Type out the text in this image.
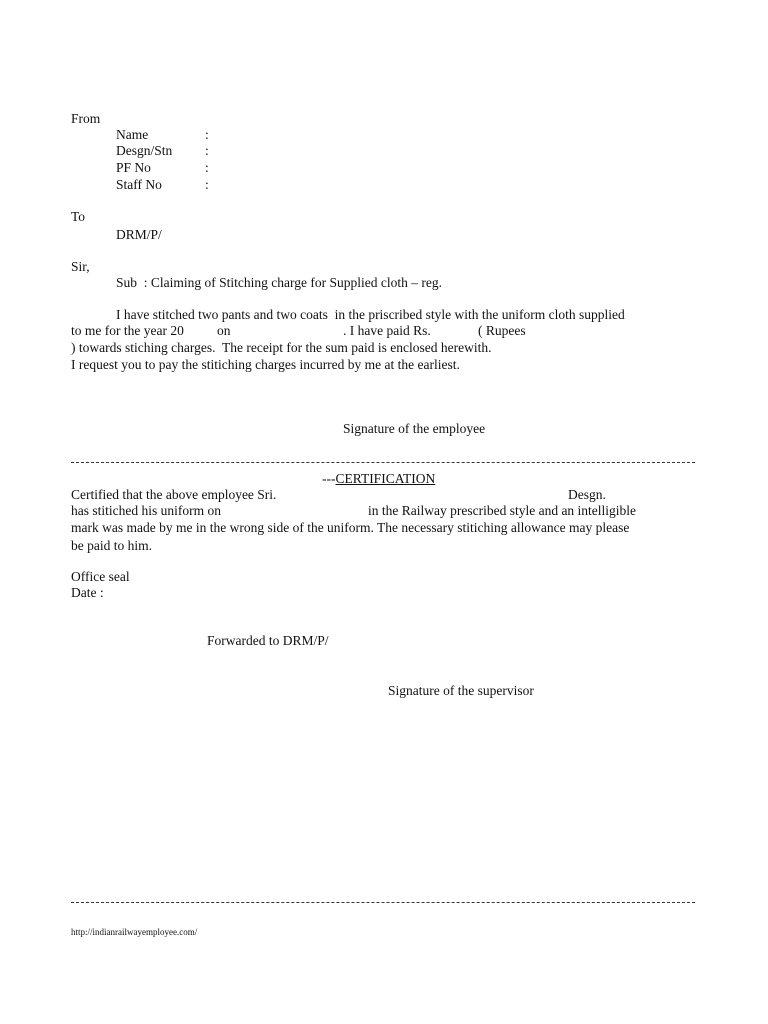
From
Name	:
Desgn/Stn :
PF No	:
Staff No	:
To
DRM/P/
Sir,
Sub  : Claiming of Stitching charge for Supplied cloth – reg.
I have stitched two pants and two coats  in the priscribed style with the uniform cloth supplied
to me for the year 20 on	. I have paid Rs.	( Rupees
) towards stiching charges.  The receipt for the sum paid is enclosed herewith.
I request you to pay the stitiching charges incurred by me at the earliest.
Signature of the employee
---CERTIFICATION
Certified that the above employee Sri.	Desgn.
has stitiched his uniform on	in the Railway prescribed style and an intelligible
mark was made by me in the wrong side of the uniform. The necessary stitiching allowance may please
be paid to him.
Office seal
Date :
Forwarded to DRM/P/
Signature of the supervisor
http://indianrailwayemployee.com/
